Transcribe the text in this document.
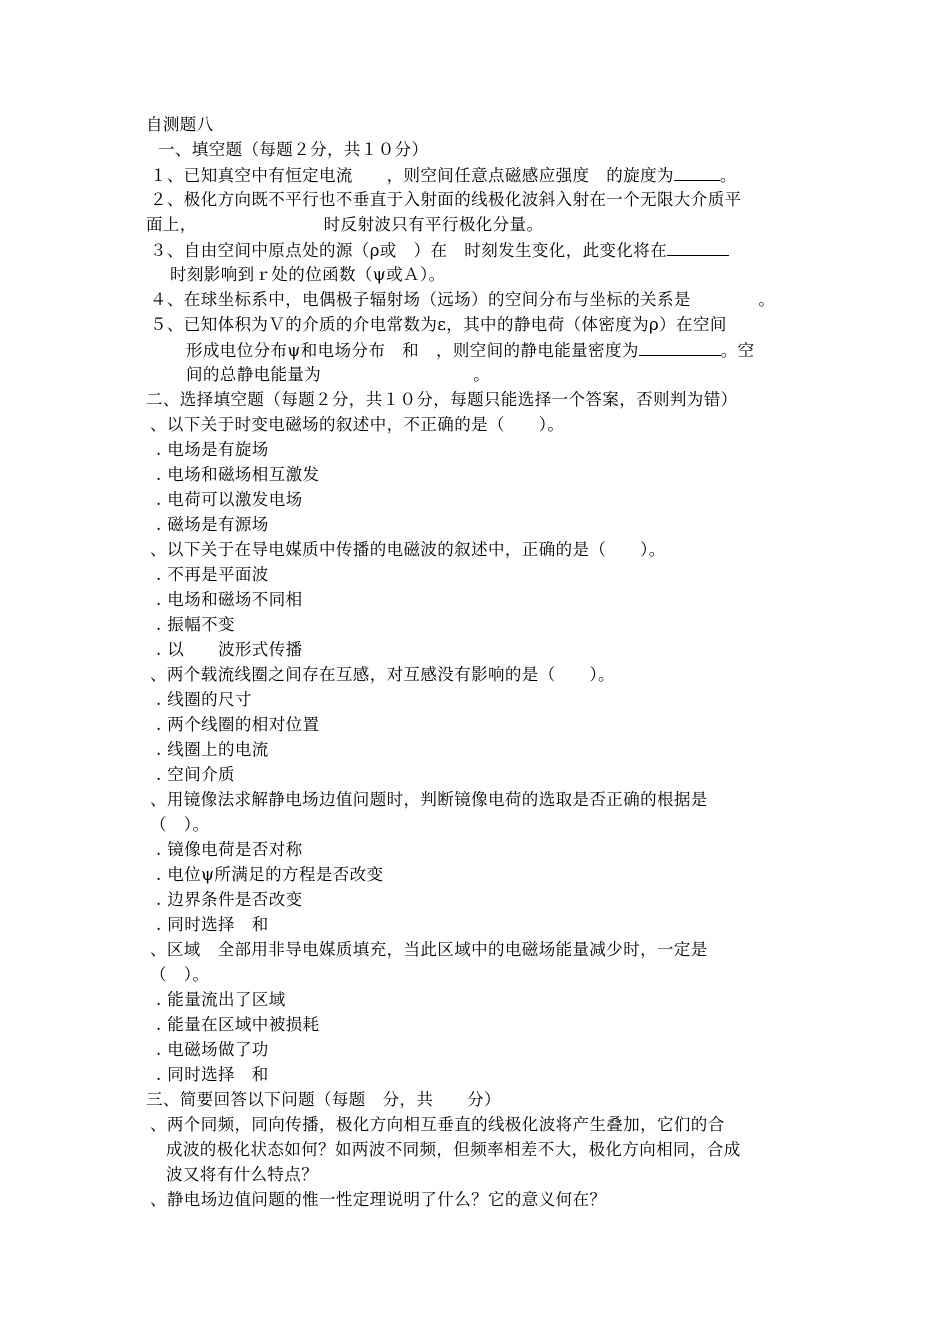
自测题八
一、填空题（每题２分，共１０分）
１、已知真空中有恒定电流　　，则空间任意点磁感应强度　的旋度为	。
２、极化方向既不平行也不垂直于入射面的线极化波斜入射在一个无限大介质平
面上，　　　　　　　　时反射波只有平行极化分量。
３、自由空间中原点处的源（ρ或　）在　时刻发生变化，此变化将在
时刻影响到ｒ处的位函数（ψ或Ａ）。
４、在球坐标系中，电偶极子辐射场（远场）的空间分布与坐标的关系是　　　　。
５、已知体积为Ｖ的介质的介电常数为ε，其中的静电荷（体密度为ρ）在空间
形成电位分布ψ和电场分布　和　，则空间的静电能量密度为	。空
间的总静电能量为　　　　　　　　　。
二、选择填空题（每题２分，共１０分，每题只能选择一个答案，否则判为错）
、以下关于时变电磁场的叙述中，不正确的是（　　）。
. 电场是有旋场
. 电场和磁场相互激发
. 电荷可以激发电场
. 磁场是有源场
、以下关于在导电媒质中传播的电磁波的叙述中，正确的是（　　）。
. 不再是平面波
. 电场和磁场不同相
. 振幅不变
. 以　　波形式传播
、两个载流线圈之间存在互感，对互感没有影响的是（　　）。
. 线圈的尺寸
. 两个线圈的相对位置
. 线圈上的电流
. 空间介质
、用镜像法求解静电场边值问题时，判断镜像电荷的选取是否正确的根据是
（　）。
. 镜像电荷是否对称
. 电位ψ所满足的方程是否改变
. 边界条件是否改变
. 同时选择　和
、区域　全部用非导电媒质填充，当此区域中的电磁场能量减少时，一定是
（　）。
. 能量流出了区域
. 能量在区域中被损耗
. 电磁场做了功
. 同时选择　和
三、简要回答以下问题（每题　分，共　　分）
、两个同频，同向传播，极化方向相互垂直的线极化波将产生叠加，它们的合
成波的极化状态如何？如两波不同频，但频率相差不大，极化方向相同，合成
波又将有什么特点？
、静电场边值问题的惟一性定理说明了什么？它的意义何在？
